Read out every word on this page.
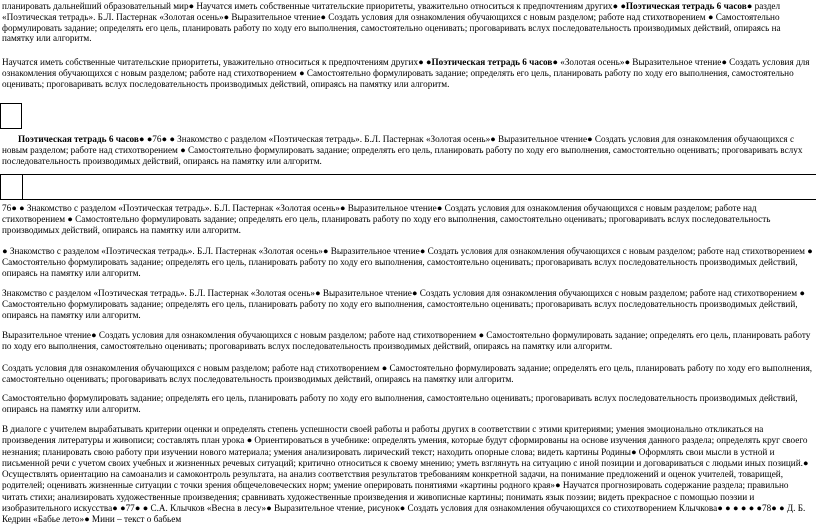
планировать дальнейший образовательный мир● Научатся иметь собственные читательские приоритеты, уважительно относиться к предпочтениям других● ●Поэтическая тетрадь 6 часов● раздел «Поэтическая тетрадь». Б.Л. Пастернак «Золотая осень»● Выразительное чтение● Создать условия для ознакомления обучающихся с новым разделом; работе над стихотворением ● Самостоятельно формулировать задание; определять его цель, планировать работу по ходу его выполнения, самостоятельно оценивать; проговаривать вслух последовательность производимых действий, опираясь на памятку или алгоритм.

Научатся иметь собственные читательские приоритеты, уважительно относиться к предпочтениям других● ●Поэтическая тетрадь 6 часов● «Золотая осень»● Выразительное чтение● Создать условия для ознакомления обучающихся с новым разделом; работе над стихотворением ● Самостоятельно формулировать задание; определять его цель, планировать работу по ходу его выполнения, самостоятельно оценивать; проговаривать вслух последовательность производимых действий, опираясь на памятку или алгоритм.

Поэтическая тетрадь 6 часов● ●76● ● Знакомство с разделом «Поэтическая тетрадь». Б.Л. Пастернак «Золотая осень»● Выразительное чтение● Создать условия для ознакомления обучающихся с новым разделом; работе над стихотворением ● Самостоятельно формулировать задание; определять его цель, планировать работу по ходу его выполнения, самостоятельно оценивать; проговаривать вслух последовательность производимых действий, опираясь на памятку или алгоритм.

76● ● Знакомство с разделом «Поэтическая тетрадь». Б.Л. Пастернак «Золотая осень»● Выразительное чтение● Создать условия для ознакомления обучающихся с новым разделом; работе над стихотворением ● Самостоятельно формулировать задание; определять его цель, планировать работу по ходу его выполнения, самостоятельно оценивать; проговаривать вслух последовательность производимых действий, опираясь на памятку или алгоритм.

● Знакомство с разделом «Поэтическая тетрадь». Б.Л. Пастернак «Золотая осень»● Выразительное чтение● Создать условия для ознакомления обучающихся с новым разделом; работе над стихотворением ● Самостоятельно формулировать задание; определять его цель, планировать работу по ходу его выполнения, самостоятельно оценивать; проговаривать вслух последовательность производимых действий, опираясь на памятку или алгоритм.

Знакомство с разделом «Поэтическая тетрадь». Б.Л. Пастернак «Золотая осень»● Выразительное чтение● Создать условия для ознакомления обучающихся с новым разделом; работе над стихотворением ● Самостоятельно формулировать задание; определять его цель, планировать работу по ходу его выполнения, самостоятельно оценивать; проговаривать вслух последовательность производимых действий, опираясь на памятку или алгоритм.

Выразительное чтение● Создать условия для ознакомления обучающихся с новым разделом; работе над стихотворением ● Самостоятельно формулировать задание; определять его цель, планировать работу по ходу его выполнения, самостоятельно оценивать; проговаривать вслух последовательность производимых действий, опираясь на памятку или алгоритм.

Создать условия для ознакомления обучающихся с новым разделом; работе над стихотворением ● Самостоятельно формулировать задание; определять его цель, планировать работу по ходу его выполнения, самостоятельно оценивать; проговаривать вслух последовательность производимых действий, опираясь на памятку или алгоритм.

Самостоятельно формулировать задание; определять его цель, планировать работу по ходу его выполнения, самостоятельно оценивать; проговаривать вслух последовательность производимых действий, опираясь на памятку или алгоритм.

В диалоге с учителем вырабатывать критерии оценки и определять степень успешности своей работы и работы других в соответствии с этими критериями; умения эмоционально откликаться на произведения литературы и живописи; составлять план урока ● Ориентироваться в учебнике: определять умения, которые будут сформированы на основе изучения данного раздела; определять круг своего незнания; планировать свою работу при изучении нового материала; умения анализировать лирический текст; находить опорные слова; видеть картины Родины● Оформлять свои мысли в устной и письменной речи с учетом своих учебных и жизненных речевых ситуаций; критично относиться к своему мнению; уметь взглянуть на ситуацию с иной позиции и договариваться с людьми иных позиций.● Осуществлять ориентацию на самоанализ и самоконтроль результата, на анализ соответствия результатов требованиям конкретной задачи, на понимание предложений и оценок учителей, товарищей, родителей; оценивать жизненные ситуации с точки зрения общечеловеческих норм; умение оперировать понятиями «картины родного края»● Научатся прогнозировать содержание раздела; правильно читать стихи; анализировать художественные произведения; сравнивать художественные произведения и живописные картины; понимать язык поэзии; видеть прекрасное с помощью поэзии и изобразительного искусства● ●77● ● С.А. Клычков «Весна в лесу»● Выразительное чтение, рисунок● Создать условия для ознакомления обучающихся со стихотворением Клычкова● ● ● ● ● ●78● ● Д. Б. Кедрин «Бабье лето»● Мини – текст о бабьем
